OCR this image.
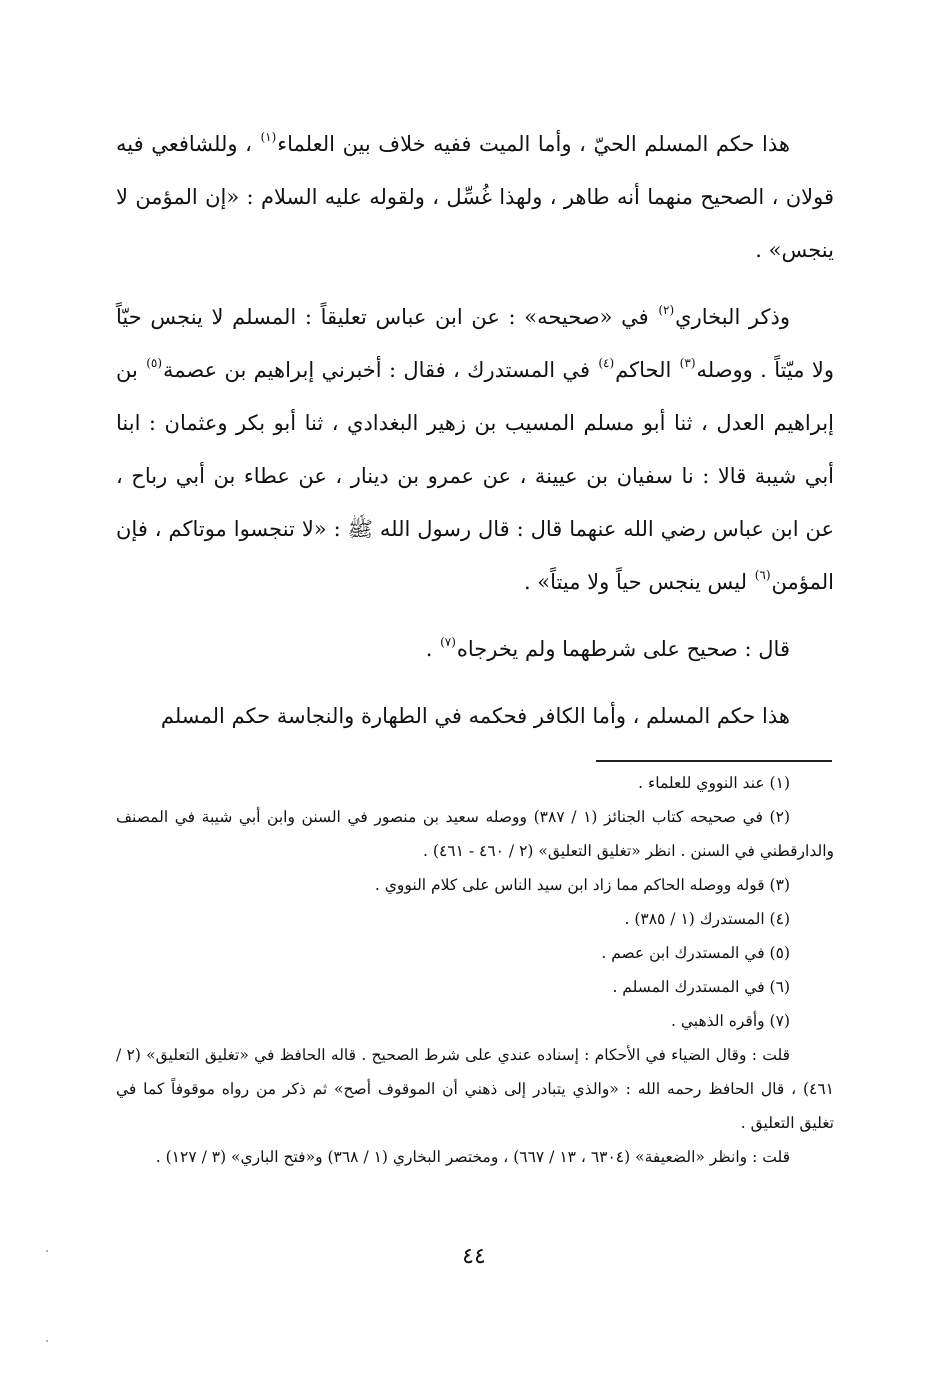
هذا حكم المسلم الحيّ ، وأما الميت ففيه خلاف بين العلماء$^{(١)}$ ، وللشافعي فيه قولان ، الصحيح منهما أنه طاهر ، ولهذا غُسِّل ، ولقوله عليه السلام : «إن المؤمن لا ينجس» .

وذكر البخاري$^{(٢)}$ في «صحيحه» : عن ابن عباس تعليقاً : المسلم لا ينجس حيّاً ولا ميّتاً . ووصله$^{(٣)}$ الحاكم$^{(٤)}$ في المستدرك ، فقال : أخبرني إبراهيم بن عصمة$^{(٥)}$ بن إبراهيم العدل ، ثنا أبو مسلم المسيب بن زهير البغدادي ، ثنا أبو بكر وعثمان : ابنا أبي شيبة قالا : نا سفيان بن عيينة ، عن عمرو بن دينار ، عن عطاء بن أبي رباح ، عن ابن عباس رضي الله عنهما قال : قال رسول الله ﷺ : «لا تنجسوا موتاكم ، فإن المؤمن$^{(٦)}$ ليس ينجس حياً ولا ميتاً» .

قال : صحيح على شرطهما ولم يخرجاه$^{(٧)}$ .

هذا حكم المسلم ، وأما الكافر فحكمه في الطهارة والنجاسة حكم المسلم

(١) عند النووي للعلماء .

(٢) في صحيحه كتاب الجنائز (١ / ٣٨٧) ووصله سعيد بن منصور في السنن وابن أبي شيبة في المصنف والدارقطني في السنن . انظر «تغليق التعليق» (٢ / ٤٦٠ - ٤٦١) .

(٣) قوله ووصله الحاكم مما زاد ابن سيد الناس على كلام النووي .

(٤) المستدرك (١ / ٣٨٥) .

(٥) في المستدرك ابن عصم .

(٦) في المستدرك المسلم .

(٧) وأقره الذهبي .

قلت : وقال الضياء في الأحكام : إسناده عندي على شرط الصحيح . قاله الحافظ في «تغليق التعليق» (٢ / ٤٦١) ، قال الحافظ رحمه الله : «والذي يتبادر إلى ذهني أن الموقوف أصح» ثم ذكر من رواه موقوفاً كما في تغليق التعليق .

قلت : وانظر «الضعيفة» (٦٣٠٤ ، ١٣ / ٦٦٧) ، ومختصر البخاري (١ / ٣٦٨) و«فتح الباري» (٣ / ١٢٧) .

٤٤
